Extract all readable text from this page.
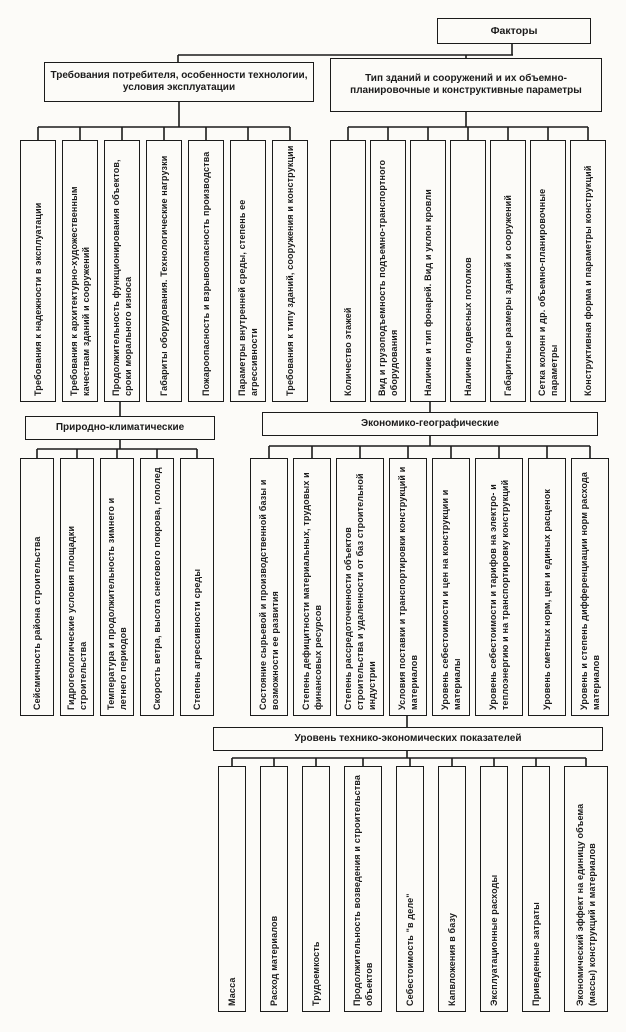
Факторы
Требования потребителя, особенности технологии, условия эксплуатации
Тип зданий и сооружений и их объемно-планировочные и конструктивные параметры
Природно-климатические	Экономико-географические
Уровень технико-экономических показателей
Требования к надежности в эксплуатации	Требования к архитектурно-художественным качествам зданий и сооружений Продолжительность функционирования объектов, сроки морального износа	Габариты оборудования. Технологические нагрузки	Пожароопасность и взрывоопасность производства	Параметры внутренней среды, степень ее агрессивности	Требования к типу зданий, сооружения и конструкции	Количество этажей	Вид и грузоподъемность подъемно-транспортного оборудования	Наличие и тип фонарей. Вид и уклон кровли	Наличие подвесных потолков	Габаритные размеры зданий и сооружений	Сетка колонн и др. объемно-планировочные параметры	Конструктивная форма и параметры конструкций
Сейсмичность района строительства	Гидрогеологические условия площадки строительства Температура и продолжительность зимнего и летнего периодов	Скорость ветра, высота снегового покрова, гололед	Степень агрессивности среды	Состояние сырьевой и производственной базы и возможности ее развития Степень дефицитности материальных, трудовых и финансовых ресурсов Степень рассредоточенности объектов строительства и удаленности от баз строительной индустрии Условия поставки и транспортировки конструкций и материалов Уровень себестоимости и цен на конструкции и материалы	Уровень себестоимости и тарифов на электро- и теплоэнергию и на транспортировку конструкций	Уровень сметных норм, цен и единых расценок	Уровень и степень дифференциации норм расхода материалов
Масса	Расход материалов	Трудоемкость	Продолжительность возведения и строительства объектов	Себестоимость "в деле"	Капвложения в базу	Эксплуатационные расходы	Приведенные затраты	Экономический эффект на единицу объема (массы) конструкций и материалов
